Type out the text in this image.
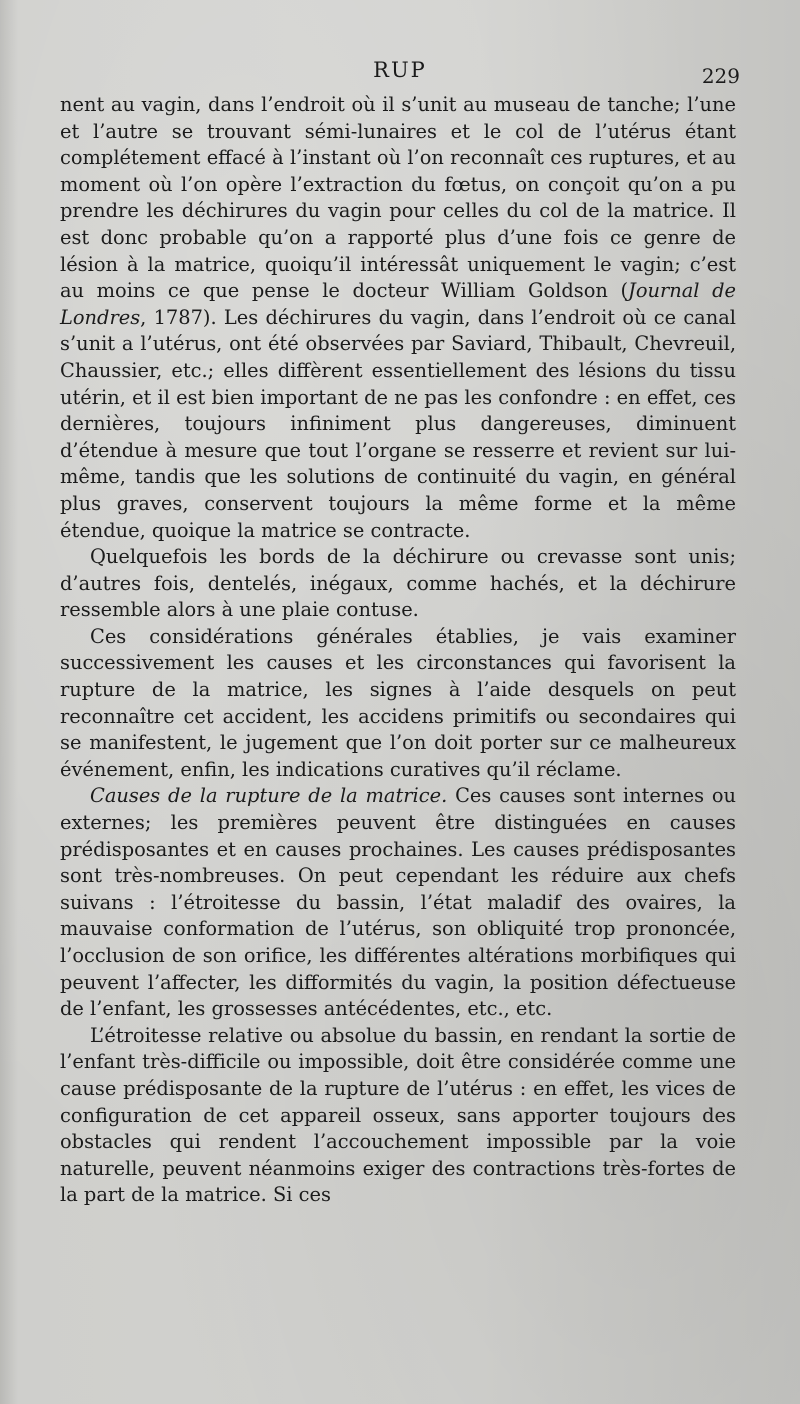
RUP	229

nent au vagin, dans l’endroit où il s’unit au museau de tanche; l’une et l’autre se trouvant sémi-lunaires et le col de l’utérus étant complétement effacé à l’instant où l’on reconnaît ces ruptures, et au moment où l’on opère l’extraction du fœtus, on conçoit qu’on a pu prendre les déchirures du vagin pour celles du col de la matrice. Il est donc probable qu’on a rapporté plus d’une fois ce genre de lésion à la matrice, quoiqu’il intéressât uniquement le vagin; c’est au moins ce que pense le docteur William Goldson (Journal de Londres, 1787). Les déchirures du vagin, dans l’endroit où ce canal s’unit a l’utérus, ont été observées par Saviard, Thibault, Chevreuil, Chaussier, etc.; elles diffèrent essentiellement des lésions du tissu utérin, et il est bien important de ne pas les confondre : en effet, ces dernières, toujours infiniment plus dangereuses, diminuent d’étendue à mesure que tout l’organe se resserre et revient sur lui-même, tandis que les solutions de continuité du vagin, en général plus graves, conservent toujours la même forme et la même étendue, quoique la matrice se contracte.

Quelquefois les bords de la déchirure ou crevasse sont unis; d’autres fois, dentelés, inégaux, comme hachés, et la déchirure ressemble alors à une plaie contuse.

Ces considérations générales établies, je vais examiner successivement les causes et les circonstances qui favorisent la rupture de la matrice, les signes à l’aide desquels on peut reconnaître cet accident, les accidens primitifs ou secondaires qui se manifestent, le jugement que l’on doit porter sur ce malheureux événement, enfin, les indications curatives qu’il réclame.

Causes de la rupture de la matrice. Ces causes sont internes ou externes; les premières peuvent être distinguées en causes prédisposantes et en causes prochaines. Les causes prédisposantes sont très-nombreuses. On peut cependant les réduire aux chefs suivans : l’étroitesse du bassin, l’état maladif des ovaires, la mauvaise conformation de l’utérus, son obliquité trop prononcée, l’occlusion de son orifice, les différentes altérations morbifiques qui peuvent l’affecter, les difformités du vagin, la position défectueuse de l’enfant, les grossesses antécédentes, etc., etc.

L’étroitesse relative ou absolue du bassin, en rendant la sortie de l’enfant très-difficile ou impossible, doit être considérée comme une cause prédisposante de la rupture de l’utérus : en effet, les vices de configuration de cet appareil osseux, sans apporter toujours des obstacles qui rendent l’accouchement impossible par la voie naturelle, peuvent néanmoins exiger des contractions très-fortes de la part de la matrice. Si ces
